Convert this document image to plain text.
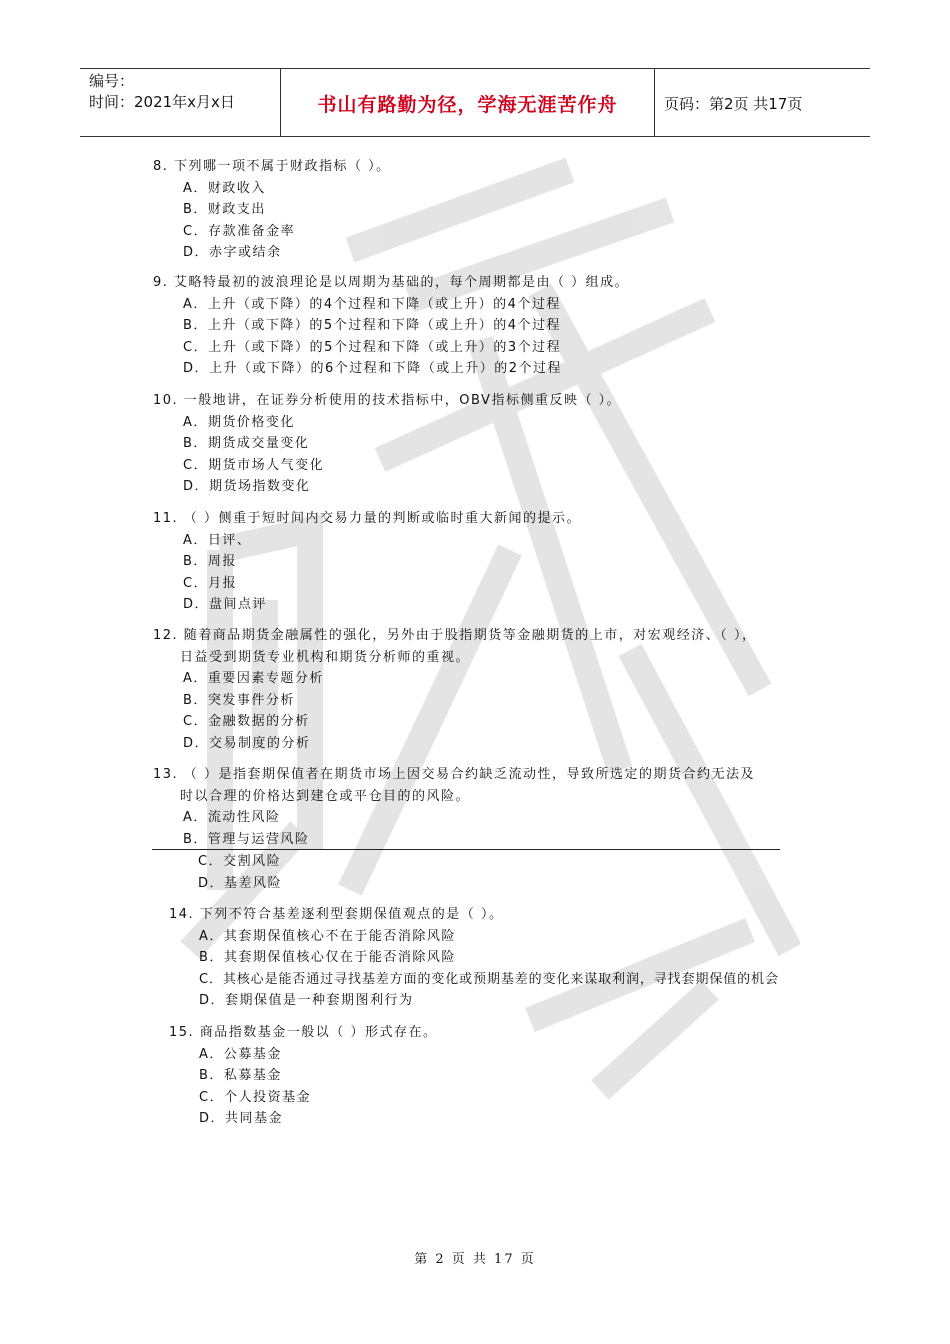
编号：
时间：2021年x月x日	书山有路勤为径，学海无涯苦作舟	页码：第2页 共17页
8. 下列哪一项不属于财政指标（ ）。
A．财政收入
B．财政支出
C．存款准备金率
D．赤字或结余
9. 艾略特最初的波浪理论是以周期为基础的，每个周期都是由（ ）组成。
A．上升（或下降）的4个过程和下降（或上升）的4个过程
B．上升（或下降）的5个过程和下降（或上升）的4个过程
C．上升（或下降）的5个过程和下降（或上升）的3个过程
D．上升（或下降）的6个过程和下降（或上升）的2个过程
10. 一般地讲，在证券分析使用的技术指标中，OBV指标侧重反映（ ）。
A．期货价格变化
B．期货成交量变化
C．期货市场人气变化
D．期货场指数变化
11. （ ）侧重于短时间内交易力量的判断或临时重大新闻的提示。
A．日评、
B．周报
C．月报
D．盘间点评
12. 随着商品期货金融属性的强化，另外由于股指期货等金融期货的上市，对宏观经济、（ ），
日益受到期货专业机构和期货分析师的重视。
A．重要因素专题分析
B．突发事件分析
C．金融数据的分析
D．交易制度的分析
13. （ ）是指套期保值者在期货市场上因交易合约缺乏流动性，导致所选定的期货合约无法及
时以合理的价格达到建仓或平仓目的的风险。
A．流动性风险
B．管理与运营风险
C．交割风险
D．基差风险
14. 下列不符合基差逐利型套期保值观点的是（ ）。
A．其套期保值核心不在于能否消除风险
B．其套期保值核心仅在于能否消除风险
C．其核心是能否通过寻找基差方面的变化或预期基差的变化来谋取利润，寻找套期保值的机会
D．套期保值是一种套期图利行为
15. 商品指数基金一般以（ ）形式存在。
A．公募基金
B．私募基金
C．个人投资基金
D．共同基金
第 2 页 共 17 页
